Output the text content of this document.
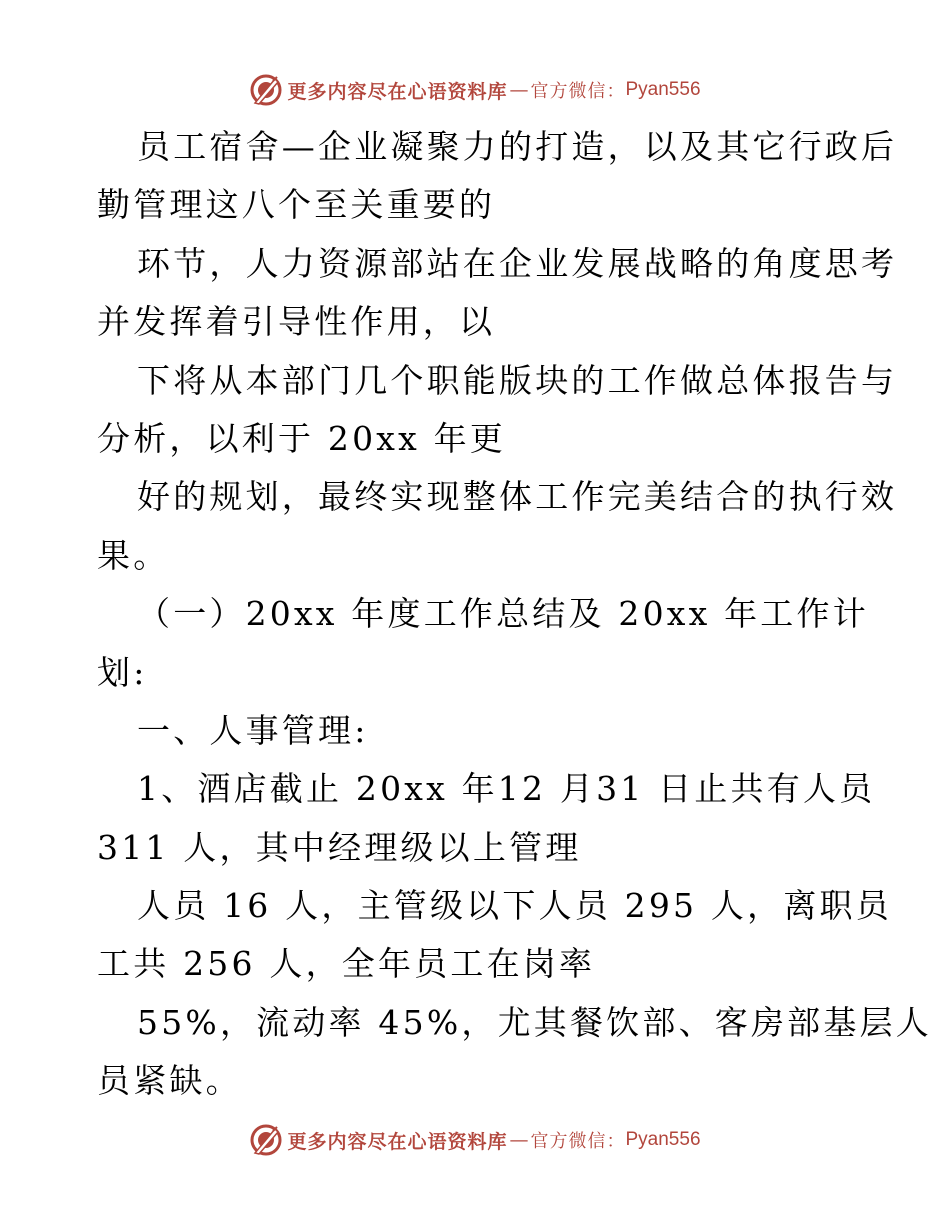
更多内容尽在心语资料库 — 官方微信： Pyan556
员工宿舍—企业凝聚力的打造，以及其它行政后
勤管理这八个至关重要的
环节，人力资源部站在企业发展战略的角度思考
并发挥着引导性作用，以
下将从本部门几个职能版块的工作做总体报告与
分析，以利于 20xx 年更
好的规划，最终实现整体工作完美结合的执行效
果。
（一）20xx 年度工作总结及 20xx 年工作计
划:
一、人事管理:
1、酒店截止 20xx 年12 月31 日止共有人员
311 人，其中经理级以上管理
人员 16 人，主管级以下人员 295 人，离职员
工共 256 人，全年员工在岗率
55%，流动率 45%，尤其餐饮部、客房部基层人
员紧缺。
更多内容尽在心语资料库 — 官方微信： Pyan556
